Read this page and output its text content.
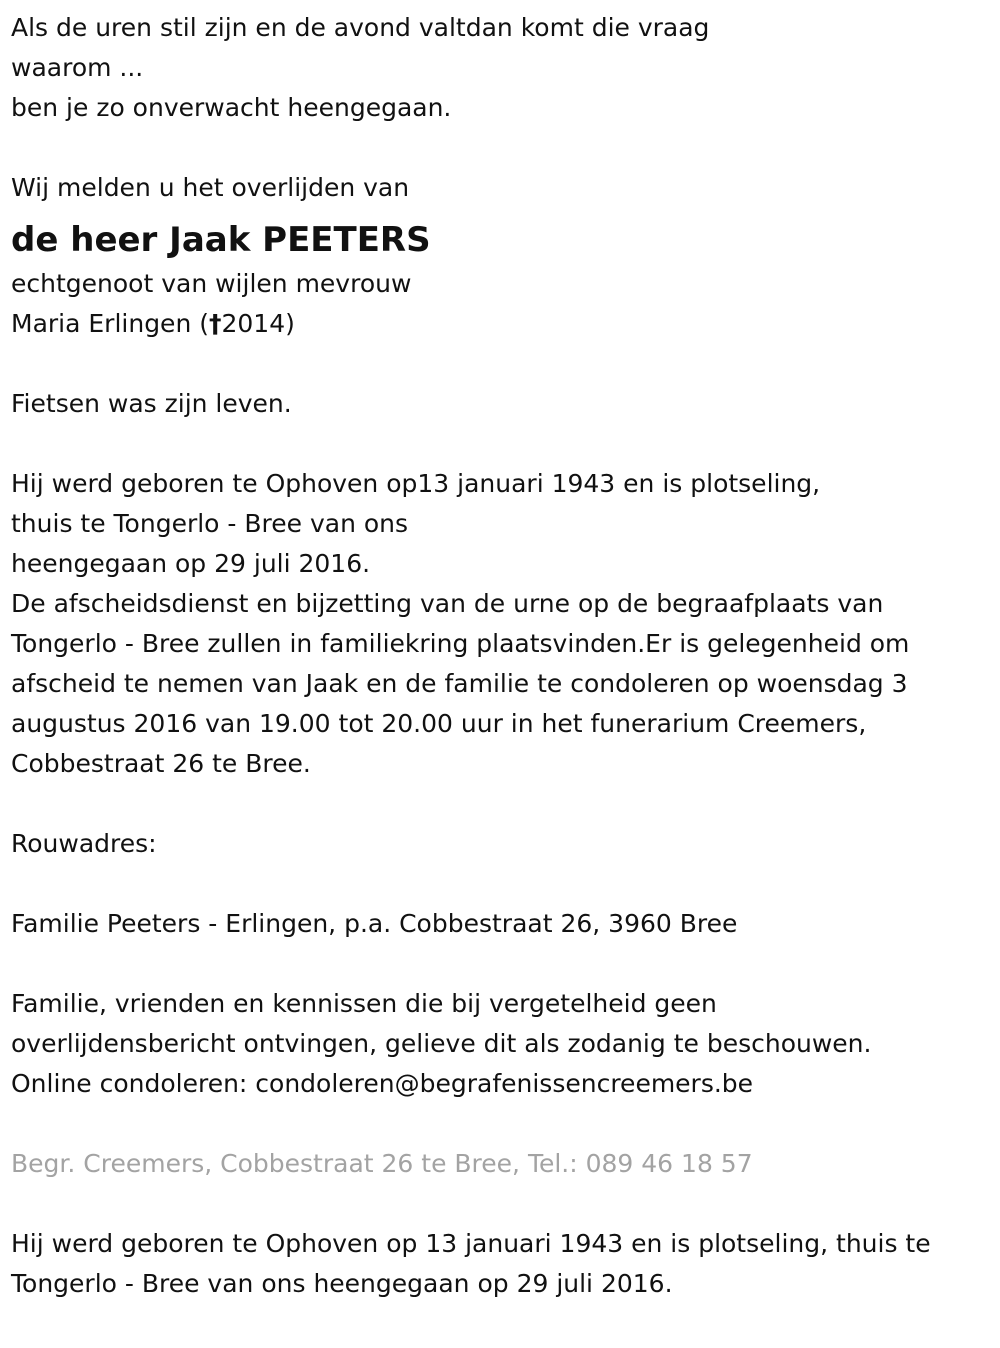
Als de uren stil zijn en de avond valtdan komt die vraag

waarom ...

ben je zo onverwacht heengegaan.

Wij melden u het overlijden van

de heer Jaak PEETERS

echtgenoot van wijlen mevrouw

Maria Erlingen (†2014)

Fietsen was zijn leven.

Hij werd geboren te Ophoven op13 januari 1943 en is plotseling,

thuis te Tongerlo - Bree van ons

heengegaan op 29 juli 2016.

De afscheidsdienst en bijzetting van de urne op de begraafplaats van

Tongerlo - Bree zullen in familiekring plaatsvinden.Er is gelegenheid om

afscheid te nemen van Jaak en de familie te condoleren op woensdag 3

augustus 2016 van 19.00 tot 20.00 uur in het funerarium Creemers,

Cobbestraat 26 te Bree.

Rouwadres:

Familie Peeters - Erlingen, p.a. Cobbestraat 26, 3960 Bree

Familie, vrienden en kennissen die bij vergetelheid geen

overlijdensbericht ontvingen, gelieve dit als zodanig te beschouwen.

Online condoleren: condoleren@begrafenissencreemers.be

Begr. Creemers, Cobbestraat 26 te Bree, Tel.: 089 46 18 57

Hij werd geboren te Ophoven op 13 januari 1943 en is plotseling, thuis te

Tongerlo - Bree van ons heengegaan op 29 juli 2016.
